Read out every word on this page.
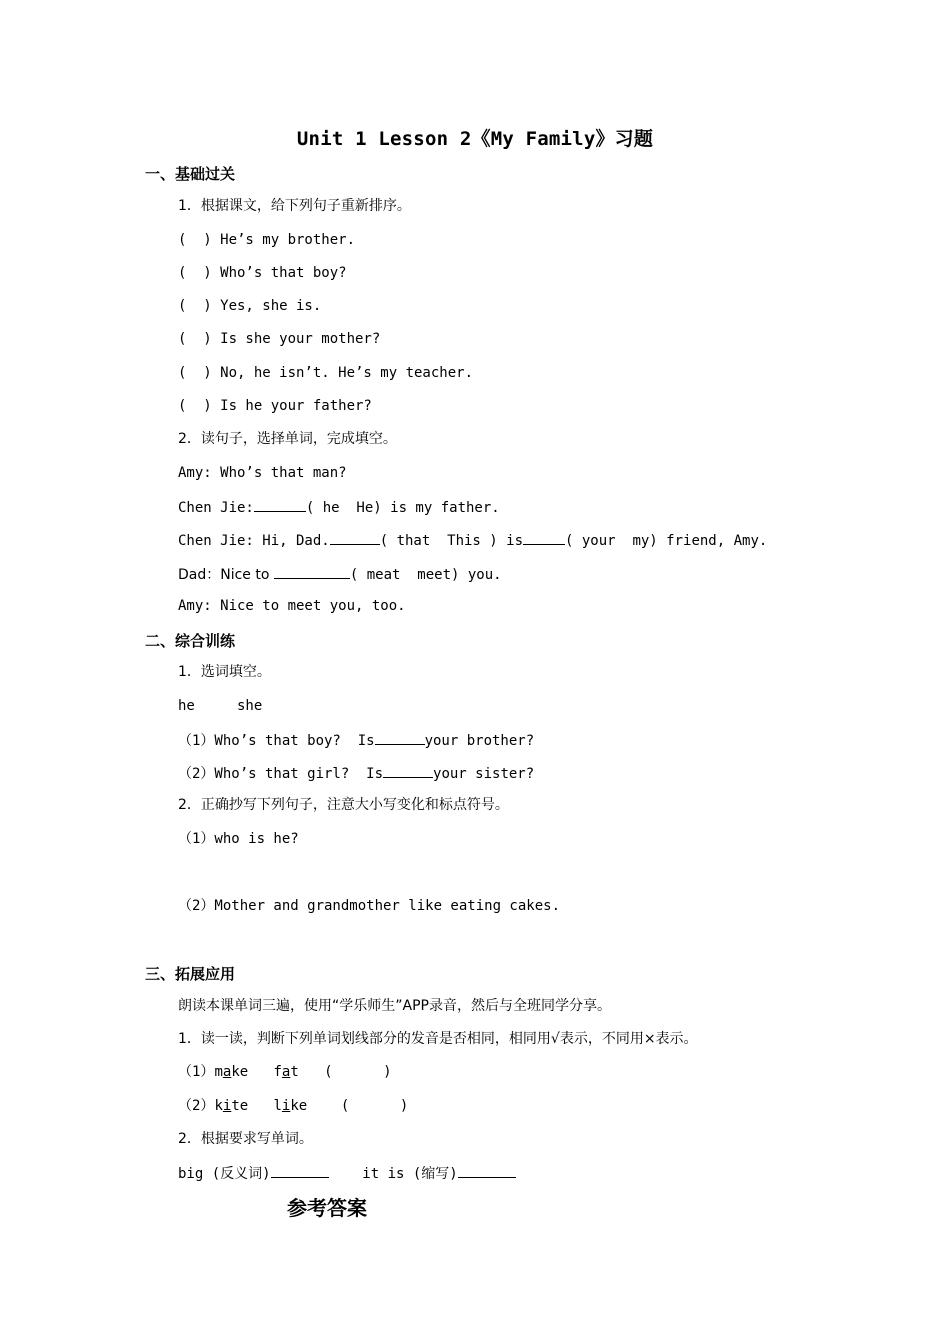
Unit 1 Lesson 2《My Family》习题
一、基础过关
1．根据课文，给下列句子重新排序。
(  ) He’s my brother.
(  ) Who’s that boy?
(  ) Yes, she is.
(  ) Is she your mother?
(  ) No, he isn’t. He’s my teacher.
(  ) Is he your father?
2．读句子，选择单词，完成填空。
Amy: Who’s that man?
Chen Jie:	( he  He) is my father.
Chen Jie: Hi, Dad.	( that  This ) is	( your  my) friend, Amy.
Dad：Nice to	( meat  meet) you.
Amy: Nice to meet you, too.
二、综合训练
1．选词填空。
he     she
（1）Who’s that boy?  Is	your brother?
（2）Who’s that girl?  Is	your sister?
2．正确抄写下列句子，注意大小写变化和标点符号。
（1）who is he?
（2）Mother and grandmother like eating cakes.
三、拓展应用
朗读本课单词三遍，使用“学乐师生”APP录音，然后与全班同学分享。
1．读一读，判断下列单词划线部分的发音是否相同，相同用√表示，不同用×表示。
（1）make fat (      )
（2）kite like (      )
2．根据要求写单词。
big (反义词)	it is (缩写)
参考答案
